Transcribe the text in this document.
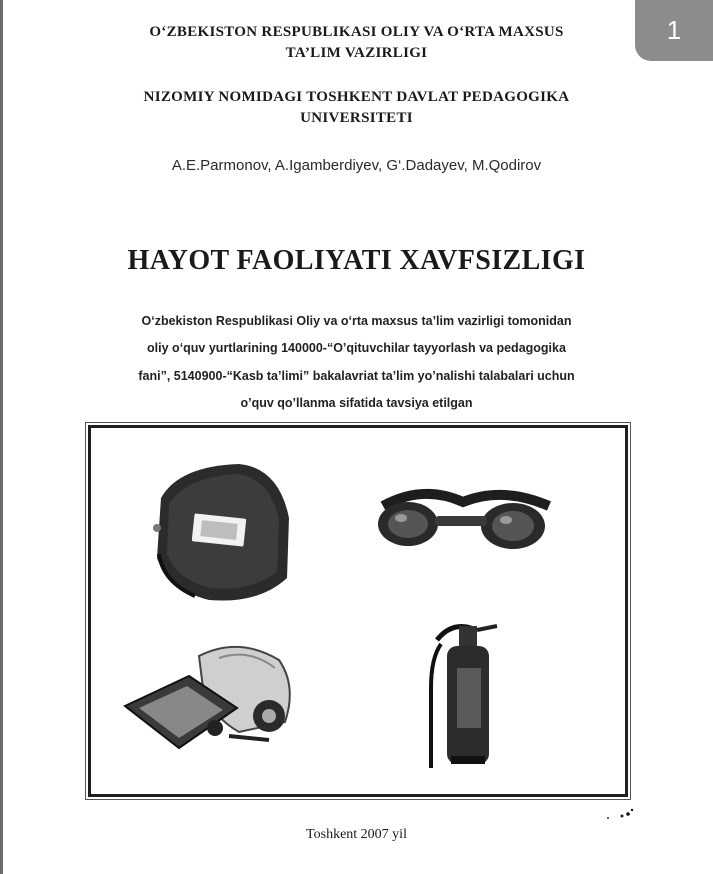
1
O‘ZBEKISTON RESPUBLIKASI OLIY VA O‘RTA MAXSUS
TA’LIM VAZIRLIGI
NIZOMIY NOMIDAGI TOSHKENT DAVLAT PEDAGOGIKA
UNIVERSITETI
A.E.Parmonov, A.Igamberdiyev, G‘.Dadayev, M.Qodirov
HAYOT FAOLIYATI XAVFSIZLIGI
O‘zbekiston Respublikasi Oliy va o‘rta maxsus ta’lim vazirligi tomonidan
oliy o‘quv yurtlarining 140000-“O’qituvchilar tayyorlash va pedagogika
fani”, 5140900-“Kasb ta’limi” bakalavriat ta’lim yo’nalishi talabalari uchun
o’quv qo’llanma sifatida tavsiya etilgan
Toshkent 2007 yil
